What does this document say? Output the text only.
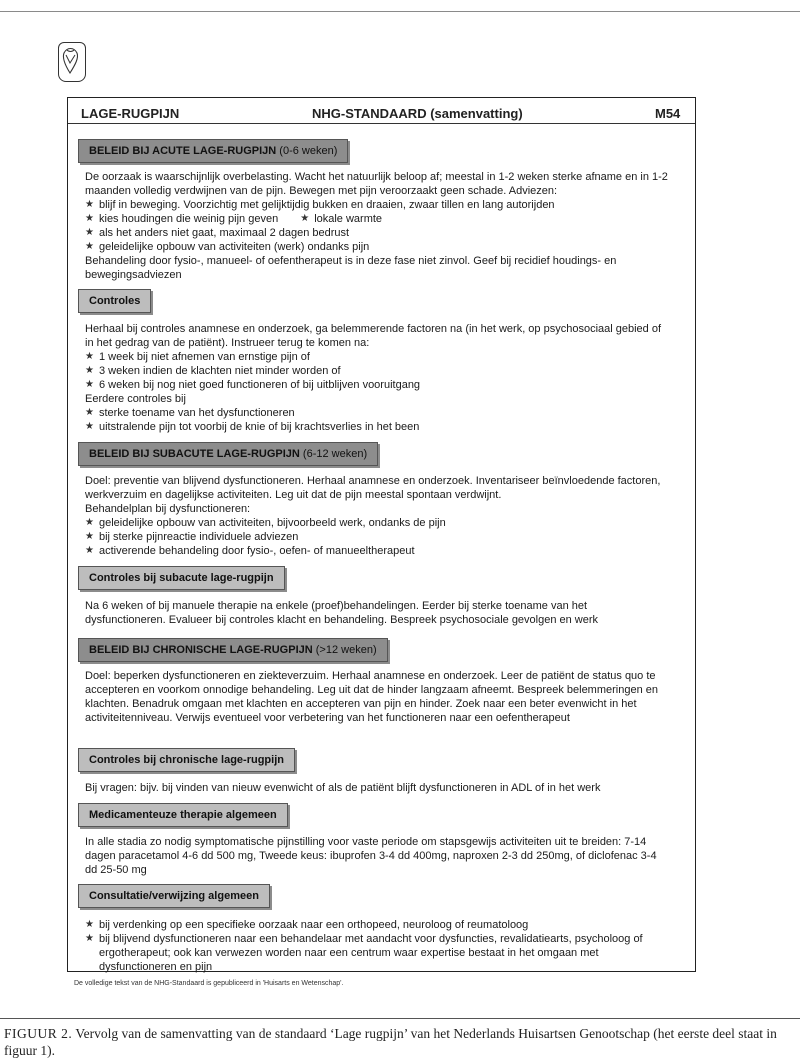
LAGE-RUGPIJN	NHG-STANDAARD (samenvatting)	M54
BELEID BIJ ACUTE LAGE-RUGPIJN (0-6 weken)

De oorzaak is waarschijnlijk overbelasting. Wacht het natuurlijk beloop af; meestal in 1-2 weken sterke afname en in 1-2 maanden volledig verdwijnen van de pijn. Bewegen met pijn veroorzaakt geen schade. Adviezen:

★ blijf in beweging. Voorzichtig met gelijktijdig bukken en draaien, zwaar tillen en lang autorijden
★ kies houdingen die weinig pijn geven	★ lokale warmte
★ als het anders niet gaat, maximaal 2 dagen bedrust
★ geleidelijke opbouw van activiteiten (werk) ondanks pijn

Behandeling door fysio-, manueel- of oefentherapeut is in deze fase niet zinvol. Geef bij recidief houdings- en bewegingsadviezen

Controles

Herhaal bij controles anamnese en onderzoek, ga belemmerende factoren na (in het werk, op psychosociaal gebied of in het gedrag van de patiënt). Instrueer terug te komen na:

★ 1 week bij niet afnemen van ernstige pijn of
★ 3 weken indien de klachten niet minder worden of
★ 6 weken bij nog niet goed functioneren of bij uitblijven vooruitgang

Eerdere controles bij

★ sterke toename van het dysfunctioneren
★ uitstralende pijn tot voorbij de knie of bij krachtsverlies in het been
BELEID BIJ SUBACUTE LAGE-RUGPIJN (6-12 weken)

Doel: preventie van blijvend dysfunctioneren. Herhaal anamnese en onderzoek. Inventariseer beïnvloedende factoren, werkverzuim en dagelijkse activiteiten. Leg uit dat de pijn meestal spontaan verdwijnt.

Behandelplan bij dysfunctioneren:

★ geleidelijke opbouw van activiteiten, bijvoorbeeld werk, ondanks de pijn
★ bij sterke pijnreactie individuele adviezen
★ activerende behandeling door fysio-, oefen- of manueeltherapeut
Controles bij subacute lage-rugpijn

Na 6 weken of bij manuele therapie na enkele (proef)behandelingen. Eerder bij sterke toename van het dysfunctioneren. Evalueer bij controles klacht en behandeling. Bespreek psychosociale gevolgen en werk

BELEID BIJ CHRONISCHE LAGE-RUGPIJN (>12 weken)

Doel: beperken dysfunctioneren en ziekteverzuim. Herhaal anamnese en onderzoek. Leer de patiënt de status quo te accepteren en voorkom onnodige behandeling. Leg uit dat de hinder langzaam afneemt. Bespreek belemmeringen en klachten. Benadruk omgaan met klachten en accepteren van pijn en hinder. Zoek naar een beter evenwicht in het activiteitenniveau. Verwijs eventueel voor verbetering van het functioneren naar een oefentherapeut

Controles bij chronische lage-rugpijn

Bij vragen: bijv. bij vinden van nieuw evenwicht of als de patiënt blijft dysfunctioneren in ADL of in het werk

Medicamenteuze therapie algemeen

In alle stadia zo nodig symptomatische pijnstilling voor vaste periode om stapsgewijs activiteiten uit te breiden: 7-14 dagen paracetamol 4-6 dd 500 mg, Tweede keus: ibuprofen 3-4 dd 400mg, naproxen 2-3 dd 250mg, of diclofenac 3-4 dd 25-50 mg

Consultatie/verwijzing algemeen
★ bij verdenking op een specifieke oorzaak naar een orthopeed, neuroloog of reumatoloog
★ bij blijvend dysfunctioneren naar een behandelaar met aandacht voor dysfuncties, revalidatiearts, psycholoog of ergotherapeut; ook kan verwezen worden naar een centrum waar expertise bestaat in het omgaan met dysfunctioneren en pijn
De volledige tekst van de NHG-Standaard is gepubliceerd in 'Huisarts en Wetenschap'.
FIGUUR 2. Vervolg van de samenvatting van de standaard ‘Lage rugpijn’ van het Nederlands Huisartsen Genootschap (het eerste deel staat in figuur 1).
